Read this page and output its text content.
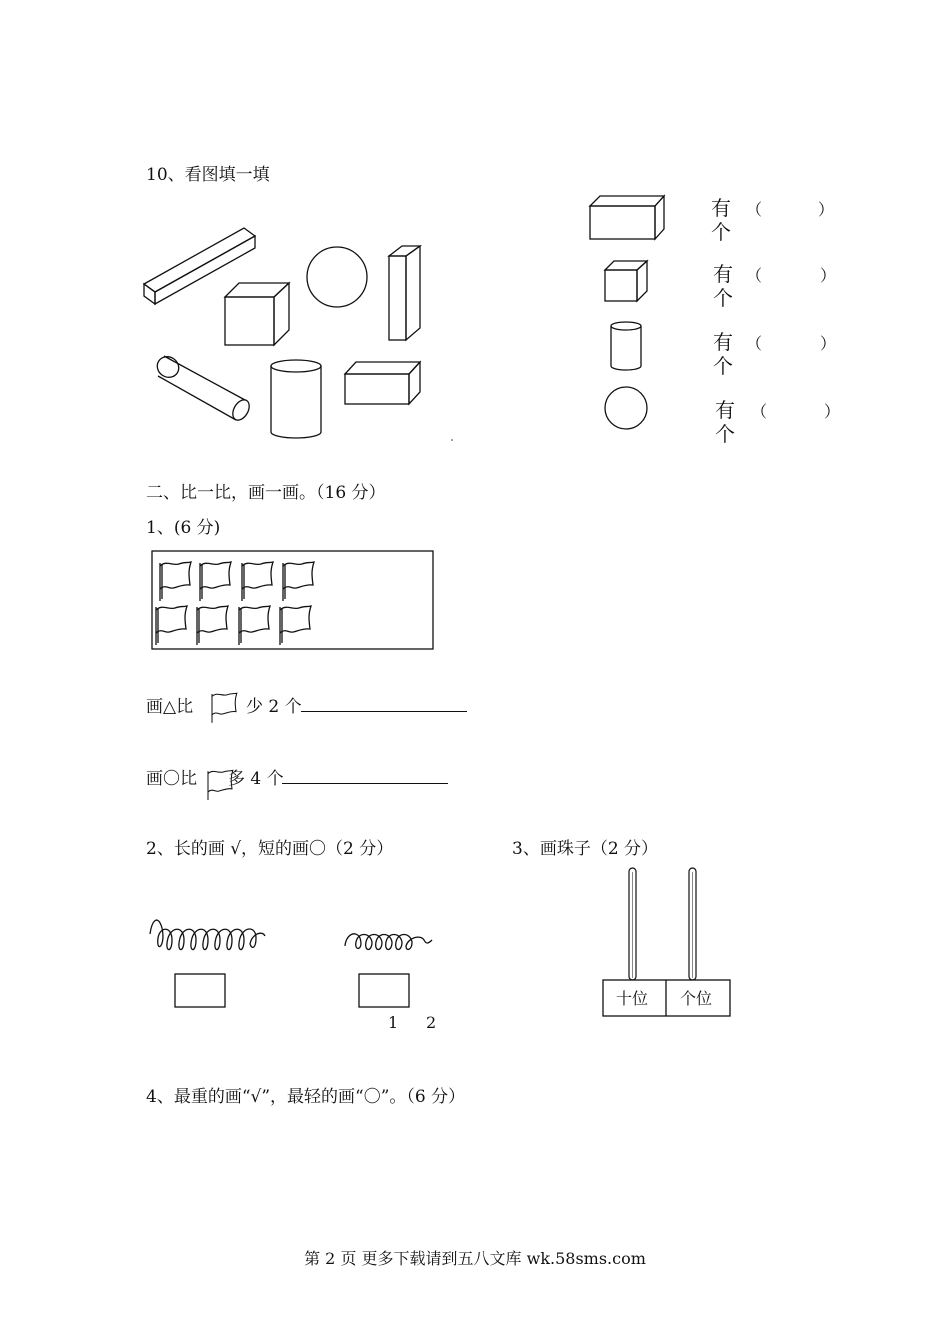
10、看图填一填
有
个
（	）
有
个
（	）
有
个
（	）
有
个
（	）
二、比一比，画一画。（16 分）
1、(6 分)
画△比	少 2 个
画〇比 多 4 个
2、长的画 √，短的画〇（2 分）	3、画珠子（2 分）
1 2
十位 个位
4、最重的画“√”，最轻的画“〇”。（6 分）
第 2 页 更多下载请到五八文库 wk.58sms.com
